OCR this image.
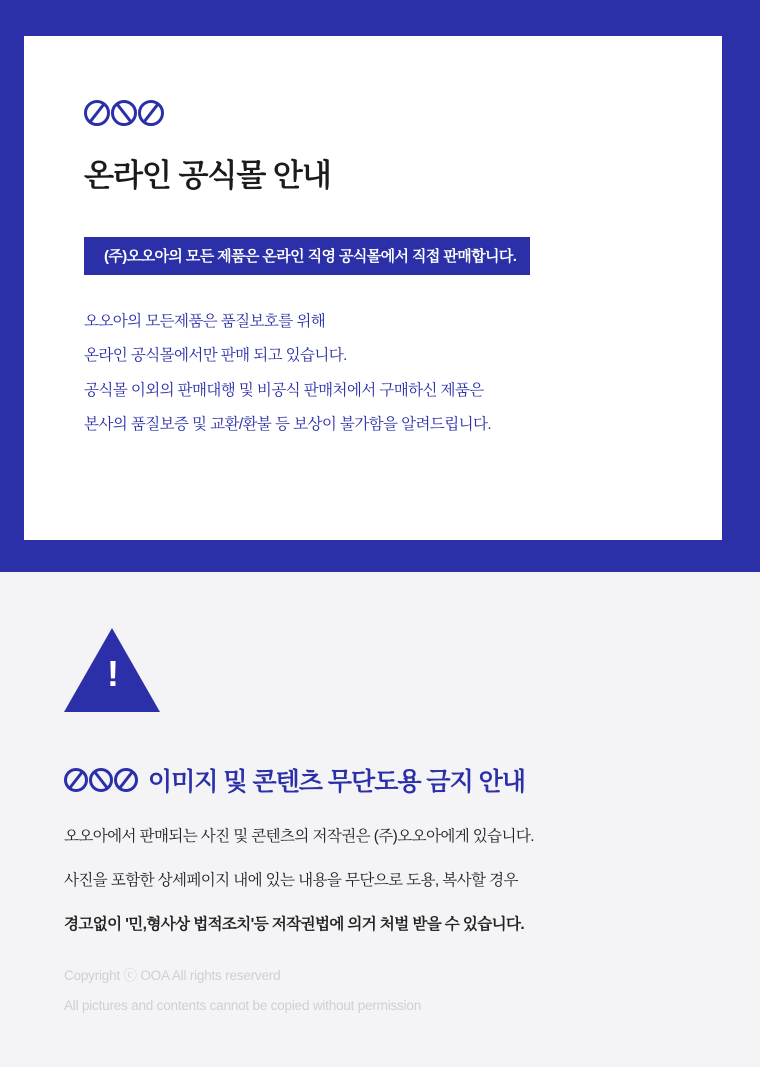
온라인 공식몰 안내
(주)오오아의 모든 제품은 온라인 직영 공식몰에서 직접 판매합니다.

오오아의 모든제품은 품질보호를 위해

온라인 공식몰에서만 판매 되고 있습니다.

공식몰 이외의 판매대행 및 비공식 판매처에서 구매하신 제품은

본사의 품질보증 및 교환/환불 등 보상이 불가함을 알려드립니다.

!
이미지 및 콘텐츠 무단도용 금지 안내

오오아에서 판매되는 사진 및 콘텐츠의 저작권은 (주)오오아에게 있습니다.

사진을 포함한 상세페이지 내에 있는 내용을 무단으로 도용, 복사할 경우

경고없이 '민,형사상 법적조치'등 저작권법에 의거 처벌 받을 수 있습니다.

Copyright ⓒ OOA All rights reserverd

All pictures and contents cannot be copied without permission
